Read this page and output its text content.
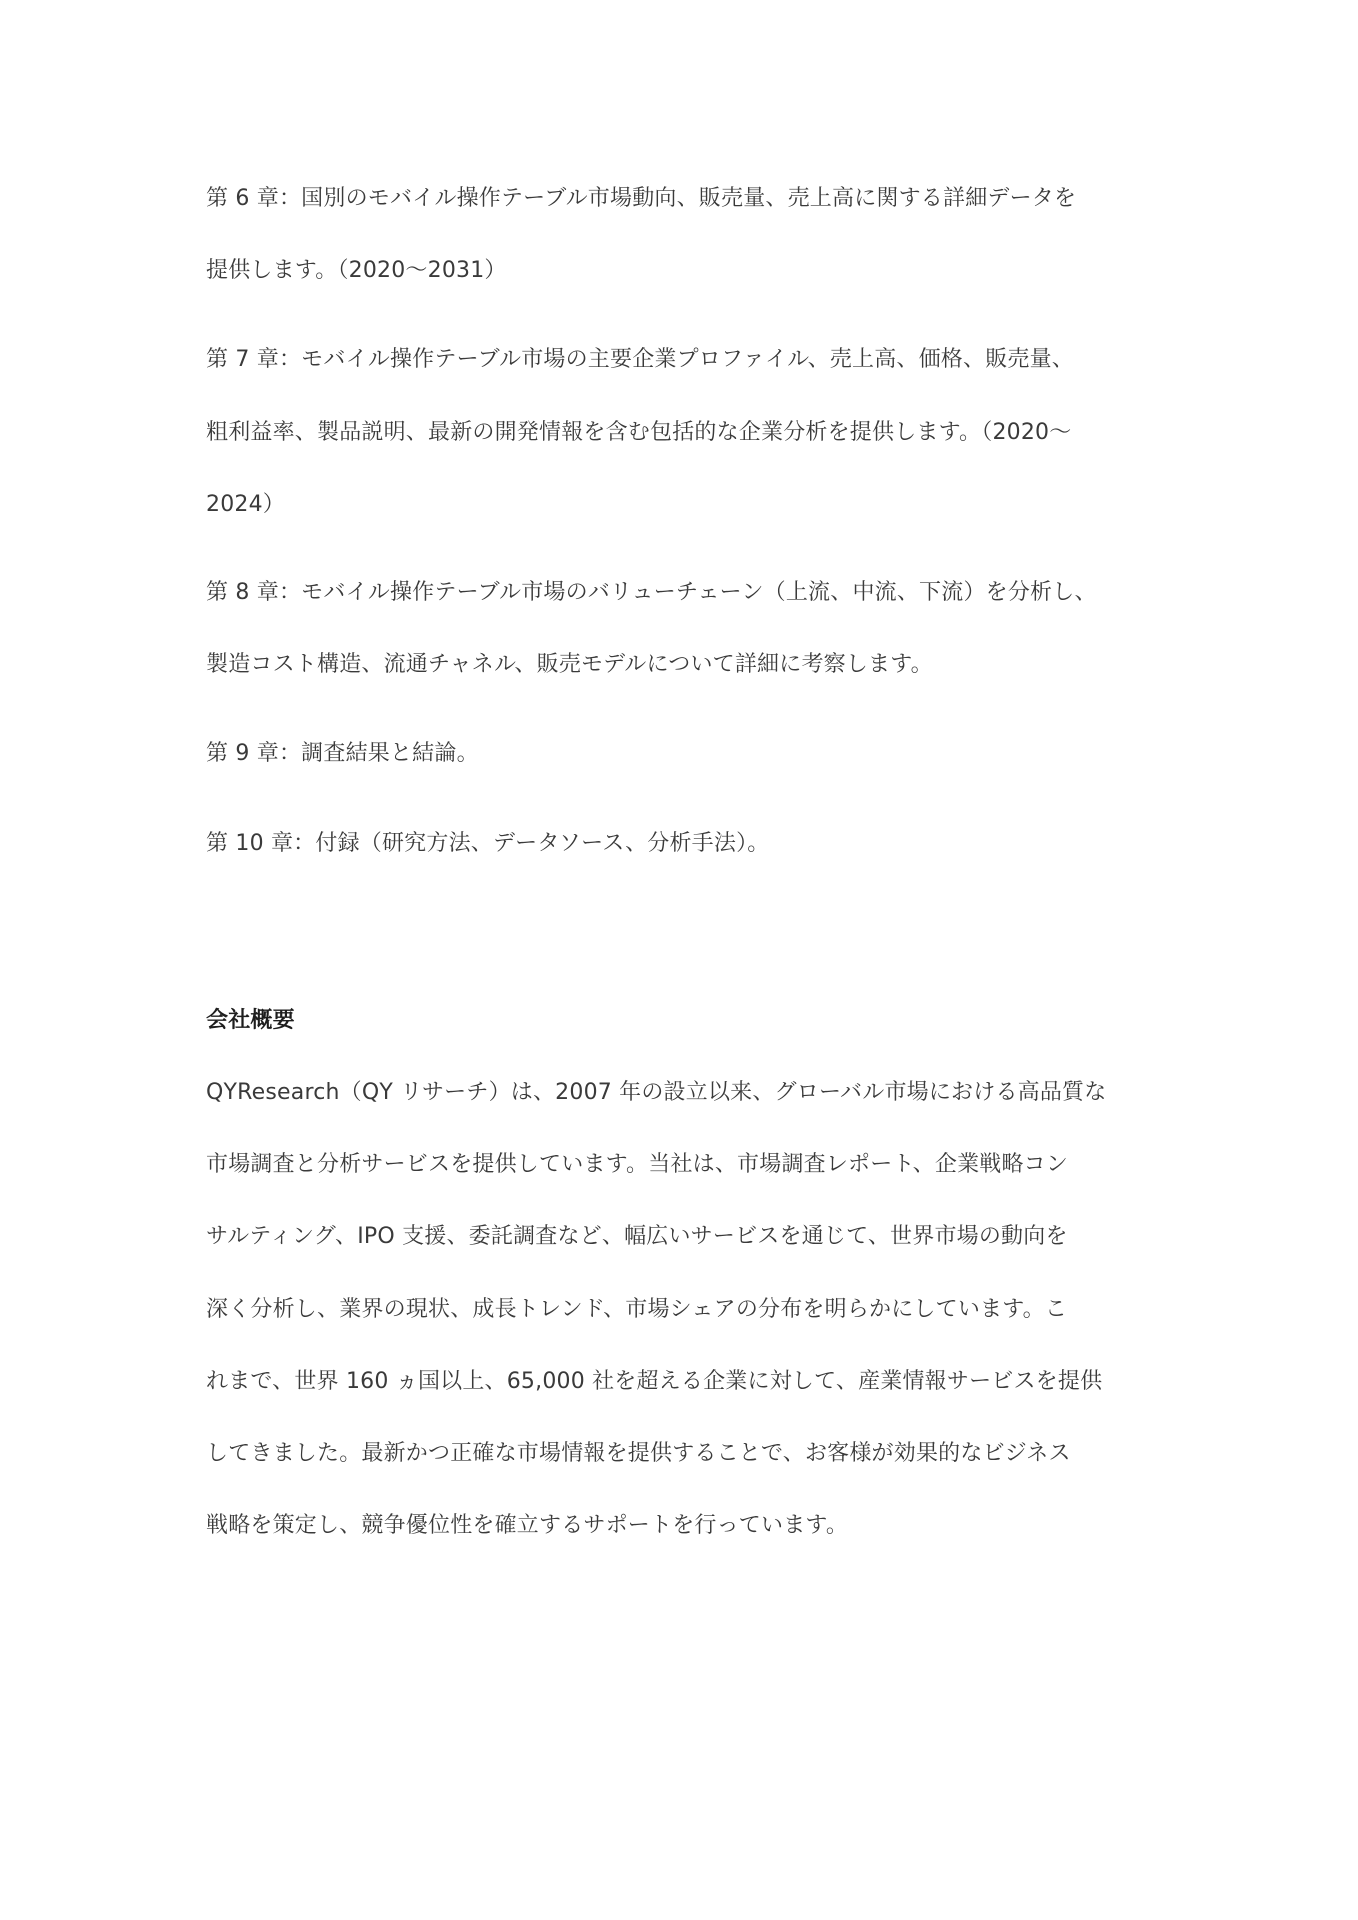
第 6 章：国別のモバイル操作テーブル市場動向、販売量、売上高に関する詳細データを
提供します。（2020～2031）
第 7 章：モバイル操作テーブル市場の主要企業プロファイル、売上高、価格、販売量、
粗利益率、製品説明、最新の開発情報を含む包括的な企業分析を提供します。（2020～
2024）
第 8 章：モバイル操作テーブル市場のバリューチェーン（上流、中流、下流）を分析し、
製造コスト構造、流通チャネル、販売モデルについて詳細に考察します。
第 9 章：調査結果と結論。
第 10 章：付録（研究方法、データソース、分析手法）。
会社概要
QYResearch（QY リサーチ）は、2007 年の設立以来、グローバル市場における高品質な
市場調査と分析サービスを提供しています。当社は、市場調査レポート、企業戦略コン
サルティング、IPO 支援、委託調査など、幅広いサービスを通じて、世界市場の動向を
深く分析し、業界の現状、成長トレンド、市場シェアの分布を明らかにしています。こ
れまで、世界 160 ヵ国以上、65,000 社を超える企業に対して、産業情報サービスを提供
してきました。最新かつ正確な市場情報を提供することで、お客様が効果的なビジネス
戦略を策定し、競争優位性を確立するサポートを行っています。
